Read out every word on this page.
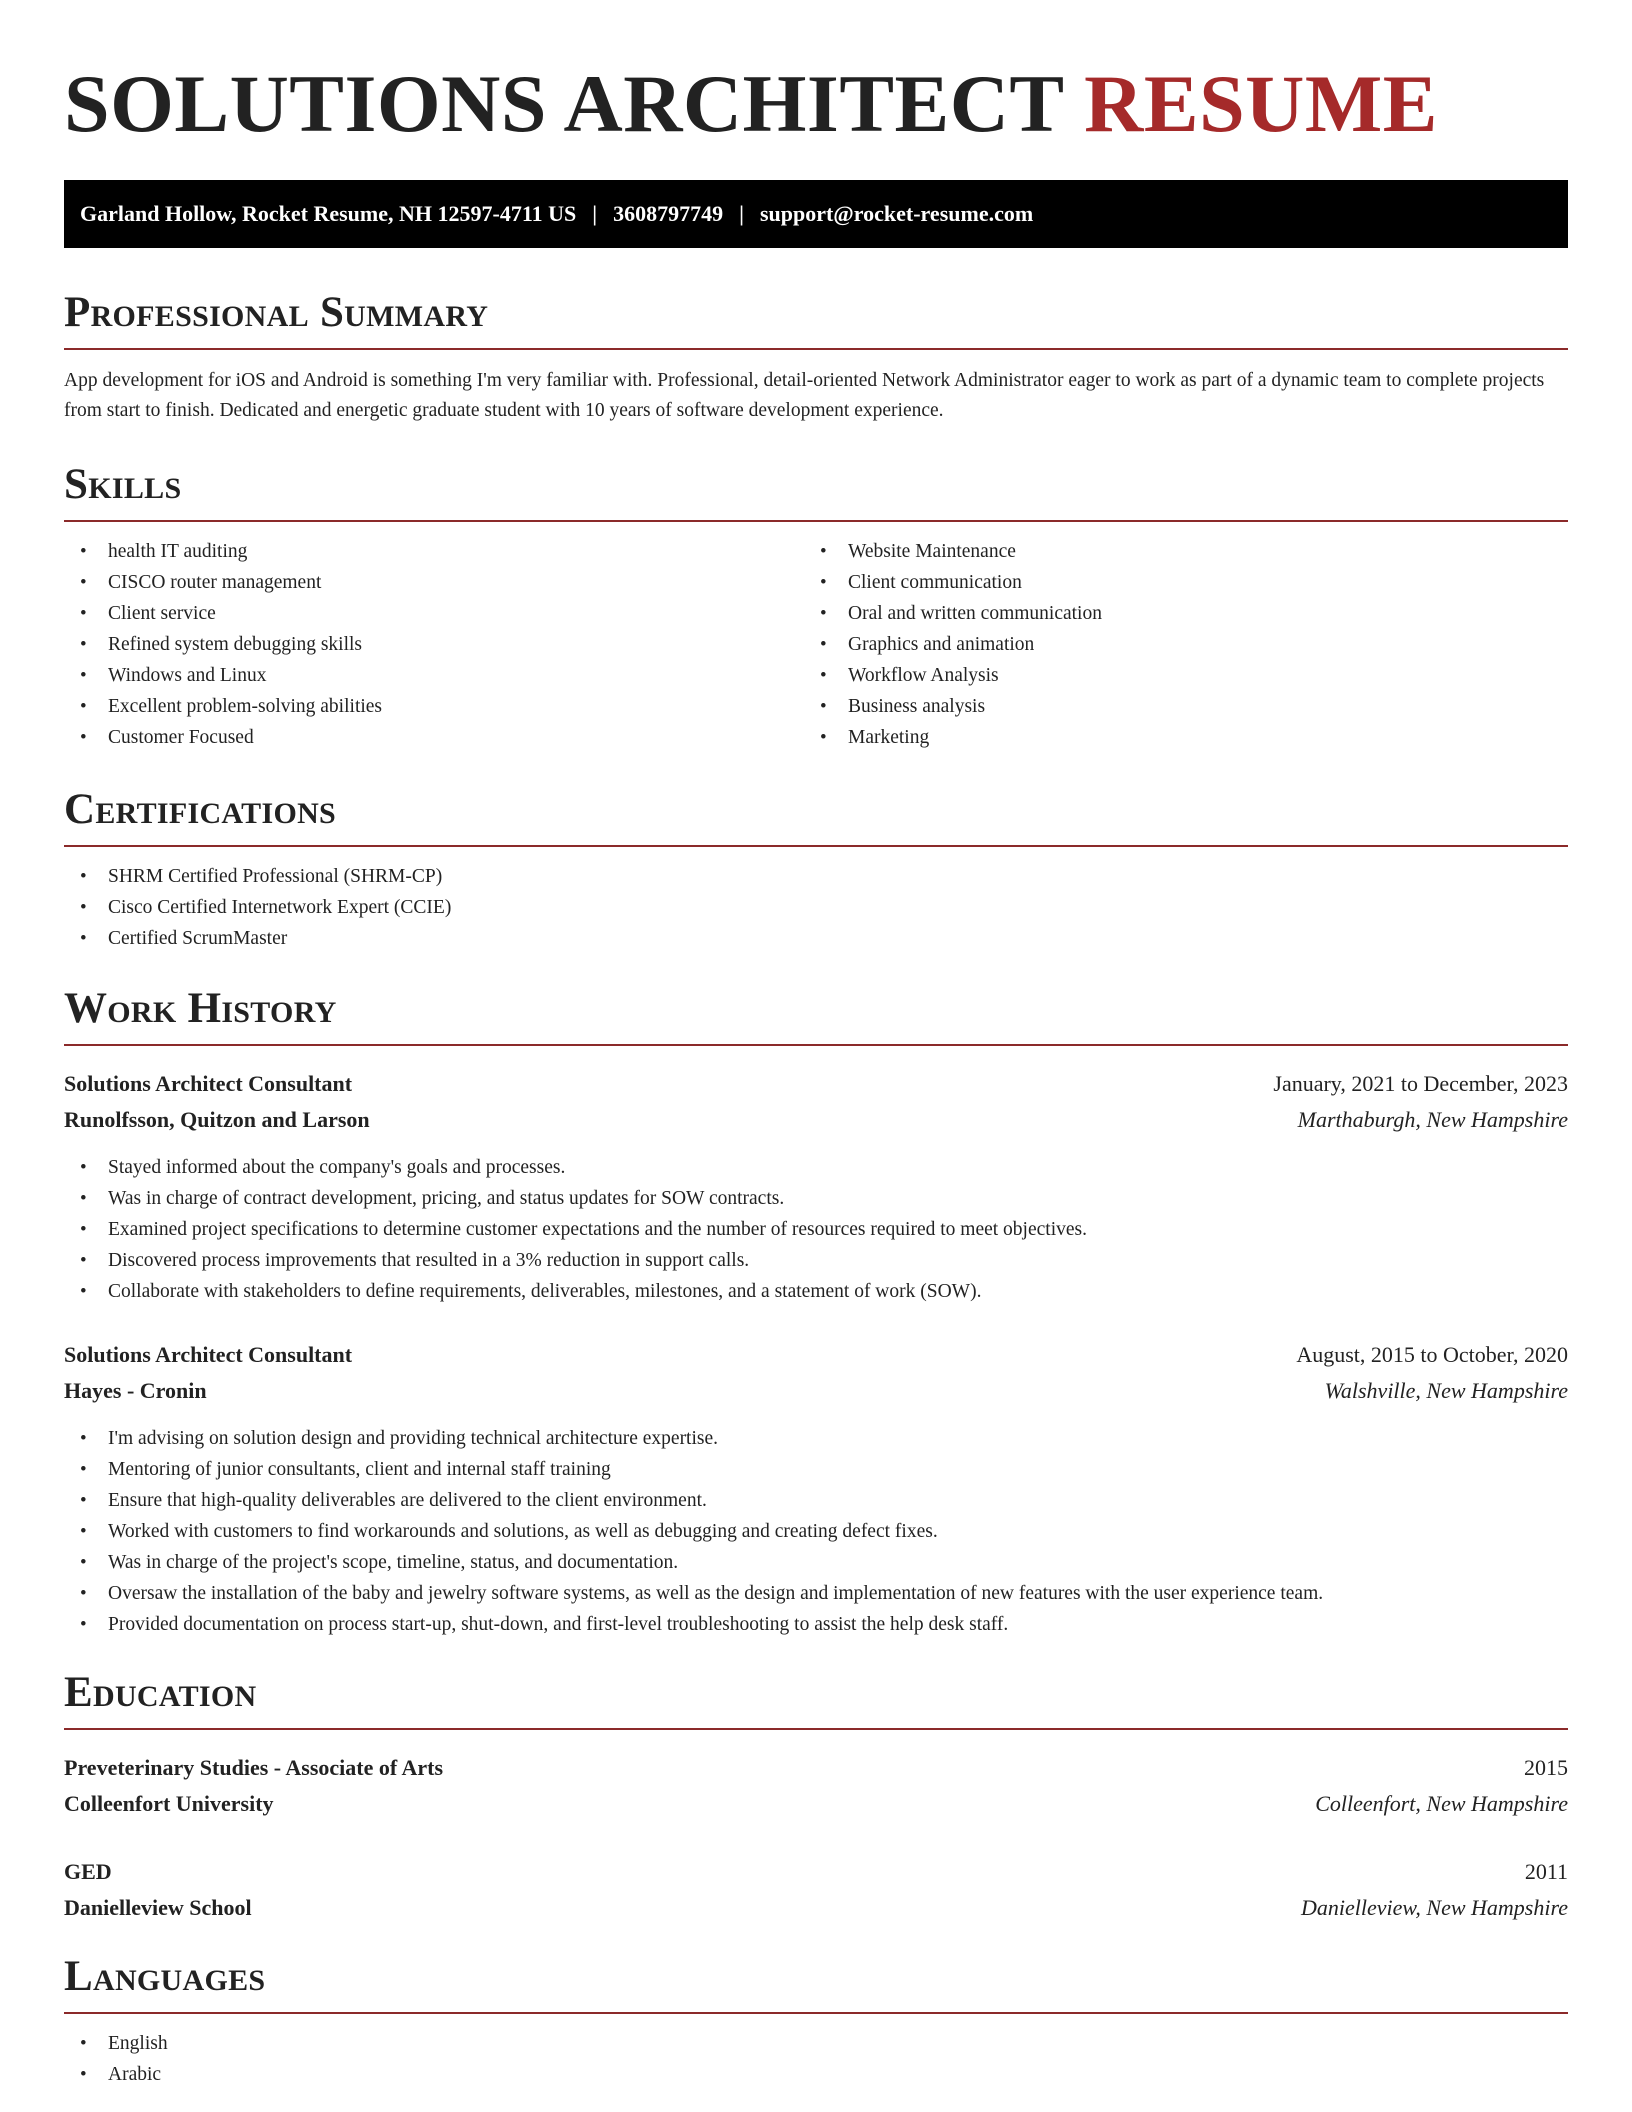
SOLUTIONS ARCHITECT RESUME
Garland Hollow, Rocket Resume, NH 12597-4711 US | 3608797749 | support@rocket-resume.com
Professional Summary

App development for iOS and Android is something I'm very familiar with. Professional, detail-oriented Network Administrator eager to work as part of a dynamic team to complete projects from start to finish. Dedicated and energetic graduate student with 10 years of software development experience.

Skills
• health IT auditing
• CISCO router management
• Client service
• Refined system debugging skills
• Windows and Linux
• Excellent problem-solving abilities
• Customer Focused
• Website Maintenance
• Client communication
• Oral and written communication
• Graphics and animation
• Workflow Analysis
• Business analysis
• Marketing
Certifications
• SHRM Certified Professional (SHRM-CP)
• Cisco Certified Internetwork Expert (CCIE)
• Certified ScrumMaster
Work History
Solutions Architect Consultant	January, 2021 to December, 2023
Runolfsson, Quitzon and Larson	Marthaburgh, New Hampshire
• Stayed informed about the company's goals and processes.
• Was in charge of contract development, pricing, and status updates for SOW contracts.
• Examined project specifications to determine customer expectations and the number of resources required to meet objectives.
• Discovered process improvements that resulted in a 3% reduction in support calls.
• Collaborate with stakeholders to define requirements, deliverables, milestones, and a statement of work (SOW).
Solutions Architect Consultant	August, 2015 to October, 2020
Hayes - Cronin	Walshville, New Hampshire
• I'm advising on solution design and providing technical architecture expertise.
• Mentoring of junior consultants, client and internal staff training
• Ensure that high-quality deliverables are delivered to the client environment.
• Worked with customers to find workarounds and solutions, as well as debugging and creating defect fixes.
• Was in charge of the project's scope, timeline, status, and documentation.
• Oversaw the installation of the baby and jewelry software systems, as well as the design and implementation of new features with the user experience team.
• Provided documentation on process start-up, shut-down, and first-level troubleshooting to assist the help desk staff.
Education
Preveterinary Studies - Associate of Arts	2015
Colleenfort University	Colleenfort, New Hampshire
GED	2011
Danielleview School	Danielleview, New Hampshire
Languages
• English
• Arabic
